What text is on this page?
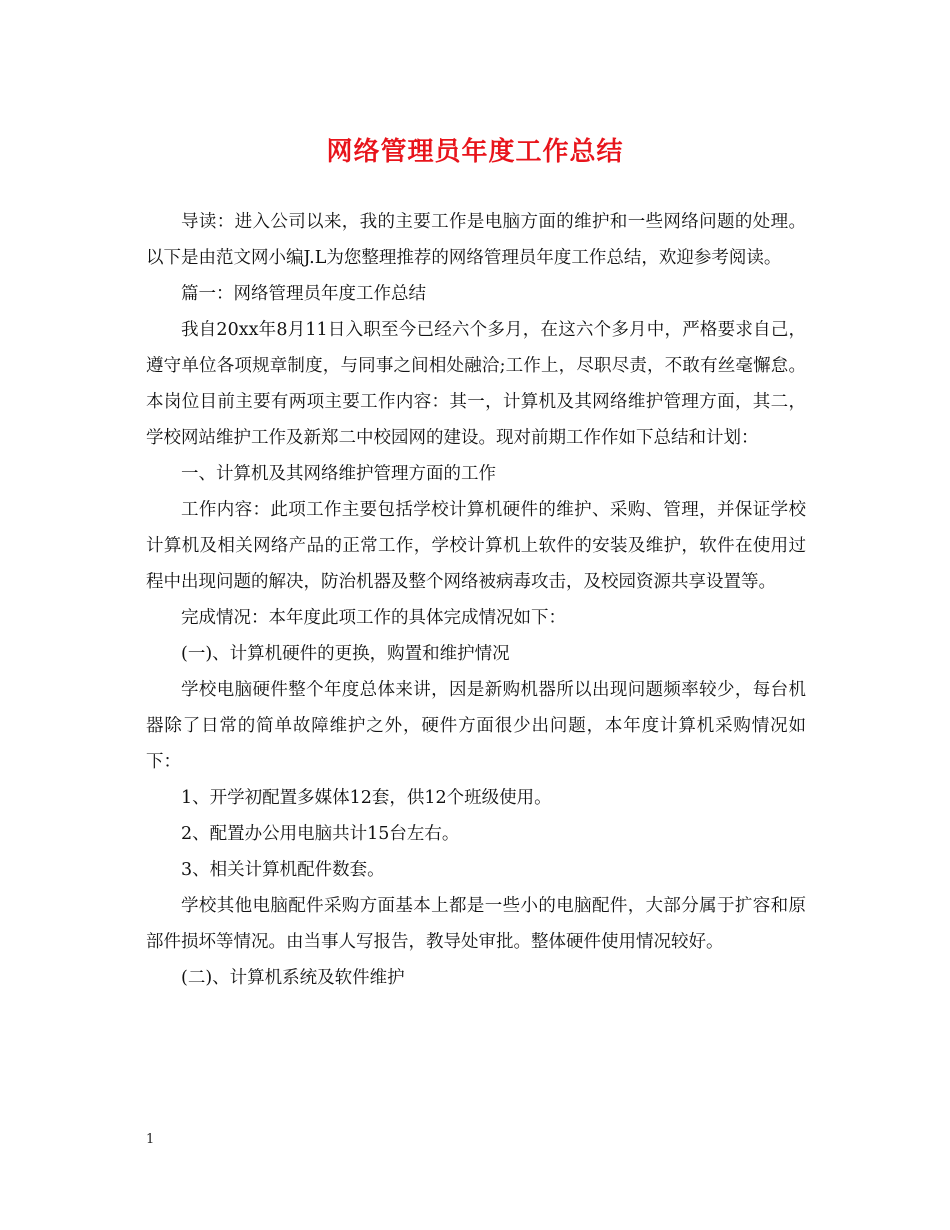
网络管理员年度工作总结

导读：进入公司以来，我的主要工作是电脑方面的维护和一些网络问题的处理。以下是由范文网小编J.L为您整理推荐的网络管理员年度工作总结，欢迎参考阅读。

篇一：网络管理员年度工作总结

我自20xx年8月11日入职至今已经六个多月，在这六个多月中，严格要求自己，遵守单位各项规章制度，与同事之间相处融洽;工作上，尽职尽责，不敢有丝毫懈怠。本岗位目前主要有两项主要工作内容：其一，计算机及其网络维护管理方面，其二，学校网站维护工作及新郑二中校园网的建设。现对前期工作作如下总结和计划：

一、计算机及其网络维护管理方面的工作

工作内容：此项工作主要包括学校计算机硬件的维护、采购、管理，并保证学校计算机及相关网络产品的正常工作，学校计算机上软件的安装及维护，软件在使用过程中出现问题的解决，防治机器及整个网络被病毒攻击，及校园资源共享设置等。

完成情况：本年度此项工作的具体完成情况如下：

(一)、计算机硬件的更换，购置和维护情况

学校电脑硬件整个年度总体来讲，因是新购机器所以出现问题频率较少，每台机器除了日常的简单故障维护之外，硬件方面很少出问题，本年度计算机采购情况如下：

1、开学初配置多媒体12套，供12个班级使用。

2、配置办公用电脑共计15台左右。

3、相关计算机配件数套。

学校其他电脑配件采购方面基本上都是一些小的电脑配件，大部分属于扩容和原部件损坏等情况。由当事人写报告，教导处审批。整体硬件使用情况较好。

(二)、计算机系统及软件维护

1
